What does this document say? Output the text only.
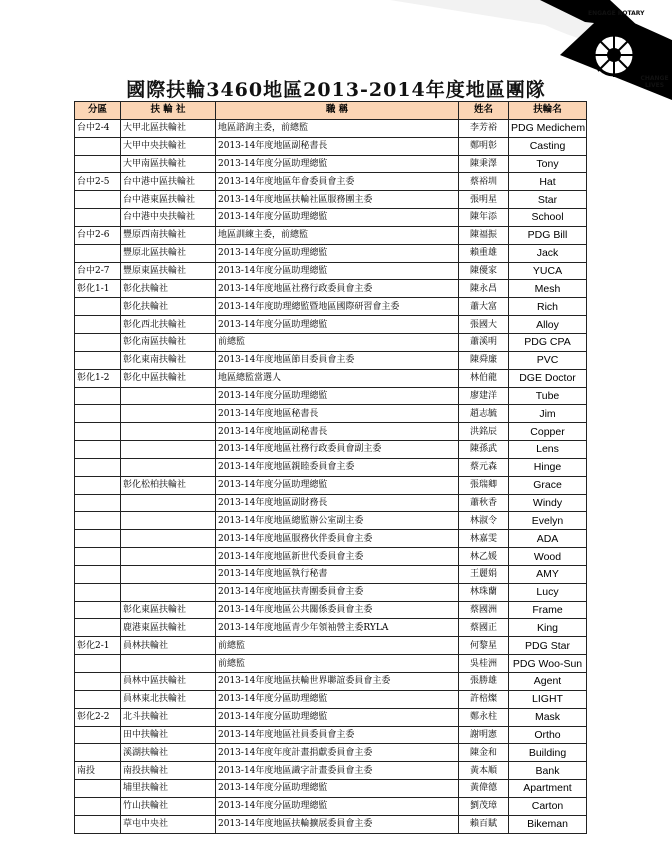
ENGAGE ROTARY
CHANGE LIVES
國際扶輪3460地區2013-2014年度地區團隊
分區	扶 輪 社	職 稱	姓名	扶輪名
台中2-4	大甲北區扶輪社	地區諮詢主委，前總監	李芳裕	PDG Medichem
	大甲中央扶輪社	2013-14年度地區副秘書長	鄭明彰	Casting
	大甲南區扶輪社	2013-14年度分區助理總監	陳秉澤	Tony
台中2-5	台中港中區扶輪社	2013-14年度地區年會委員會主委	蔡裕圳	Hat
	台中港東區扶輪社	2013-14年度地區扶輪社區服務團主委	張明星	Star
	台中港中央扶輪社	2013-14年度分區助理總監	陳年添	School
台中2-6	豐原西南扶輪社	地區訓練主委，前總監	陳福振	PDG Bill
	豐原北區扶輪社	2013-14年度分區助理總監	賴重雄	Jack
台中2-7	豐原東區扶輪社	2013-14年度分區助理總監	陳優家	YUCA
彰化1-1	彰化扶輪社	2013-14年度地區社務行政委員會主委	陳永昌	Mesh
	彰化扶輪社	2013-14年度助理總監暨地區國際研習會主委	蕭大富	Rich
	彰化西北扶輪社	2013-14年度分區助理總監	張國大	Alloy
	彰化南區扶輪社	前總監	蕭溪明	PDG CPA
	彰化東南扶輪社	2013-14年度地區節目委員會主委	陳舜廉	PVC
彰化1-2	彰化中區扶輪社	地區總監當選人	林伯龍	DGE Doctor
		2013-14年度分區助理總監	廖建洋	Tube
		2013-14年度地區秘書長	趙志毓	Jim
		2013-14年度地區副秘書長	洪銘辰	Copper
		2013-14年度地區社務行政委員會副主委	陳孫武	Lens
		2013-14年度地區親睦委員會主委	蔡元森	Hinge
	彰化松柏扶輪社	2013-14年度分區助理總監	張瑞卿	Grace
		2013-14年度地區副財務長	蕭秋香	Windy
		2013-14年度地區總監辦公室副主委	林淑令	Evelyn
		2013-14年度地區服務伙伴委員會主委	林嘉雯	ADA
		2013-14年度地區新世代委員會主委	林乙媛	Wood
		2013-14年度地區執行秘書	王麗娟	AMY
		2013-14年度地區扶青團委員會主委	林珠蘭	Lucy
	彰化東區扶輪社	2013-14年度地區公共關係委員會主委	蔡國洲	Frame
	鹿港東區扶輪社	2013-14年度地區青少年領袖營主委RYLA	蔡國正	King
彰化2-1	員林扶輪社	前總監	何黎星	PDG Star
		前總監	吳桂洲	PDG Woo-Sun
	員林中區扶輪社	2013-14年度地區扶輪世界聯誼委員會主委	張勝雄	Agent
	員林東北扶輪社	2013-14年度分區助理總監	許棓燦	LIGHT
彰化2-2	北斗扶輪社	2013-14年度分區助理總監	鄭永柱	Mask
	田中扶輪社	2013-14年度地區社員委員會主委	謝明憲	Ortho
	溪湖扶輪社	2013-14年度年度計畫捐獻委員會主委	陳金和	Building
南投	南投扶輪社	2013-14年度地區識字計畫委員會主委	黃本順	Bank
	埔里扶輪社	2013-14年度分區助理總監	黃偉德	Apartment
	竹山扶輪社	2013-14年度分區助理總監	劉茂璋	Carton
	草屯中央社	2013-14年度地區扶輪擴展委員會主委	賴百賦	Bikeman
